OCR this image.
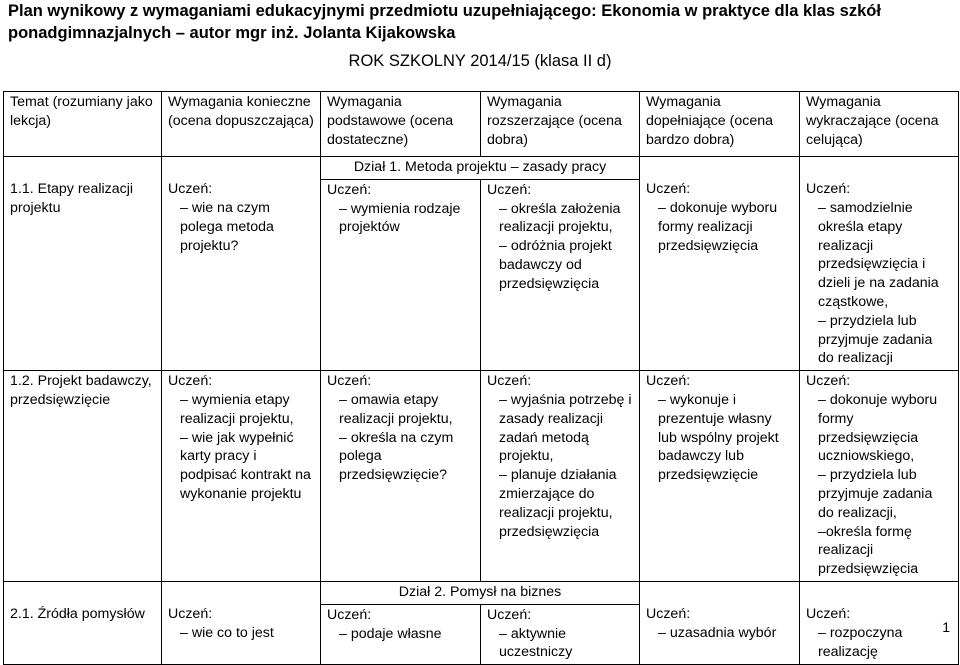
Plan wynikowy z wymaganiami edukacyjnymi przedmiotu uzupełniającego: Ekonomia w praktyce dla klas szkół
ponadgimnazjalnych – autor mgr inż. Jolanta Kijakowska
ROK SZKOLNY 2014/15 (klasa II d)
Temat (rozumiany jako lekcja)	Wymagania konieczne (ocena dopuszczająca)	Wymagania podstawowe (ocena dostateczne)	Wymagania rozszerzające (ocena dobra)	Wymagania dopełniające (ocena bardzo dobra)	Wymagania wykraczające (ocena celująca)
		Dział 1. Metoda projektu – zasady pracy			
1.1. Etapy realizacji projektu	Uczeń:
– wie na czym polega metoda projektu?	Uczeń:
– wymienia rodzaje projektów	Uczeń:
– określa założenia realizacji projektu,
– odróżnia projekt badawczy od przedsięwzięcia	Uczeń:
– dokonuje wyboru formy realizacji przedsięwzięcia	Uczeń:
– samodzielnie określa etapy realizacji przedsięwzięcia i dzieli je na zadania cząstkowe,
– przydziela lub przyjmuje zadania do realizacji

1.2. Projekt badawczy, przedsięwzięcie	Uczeń:
– wymienia etapy realizacji projektu,
– wie jak wypełnić karty pracy i podpisać kontrakt na wykonanie projektu	Uczeń:
– omawia etapy realizacji projektu,
– określa na czym polega przedsięwzięcie?	Uczeń:
– wyjaśnia potrzebę i zasady realizacji zadań metodą projektu,
– planuje działania zmierzające do realizacji projektu, przedsięwzięcia	Uczeń:
– wykonuje i prezentuje własny lub wspólny projekt badawczy lub przedsięwzięcie	Uczeń:
– dokonuje wyboru formy przedsięwzięcia uczniowskiego,
– przydziela lub przyjmuje zadania do realizacji,
–określa formę realizacji przedsięwzięcia

		Dział 2. Pomysł na biznes			
2.1. Źródła pomysłów	Uczeń:
– wie co to jest	Uczeń:
– podaje własne	Uczeń:
– aktywnie uczestniczy	Uczeń:
– uzasadnia wybór	Uczeń:
– rozpoczyna realizację
1
